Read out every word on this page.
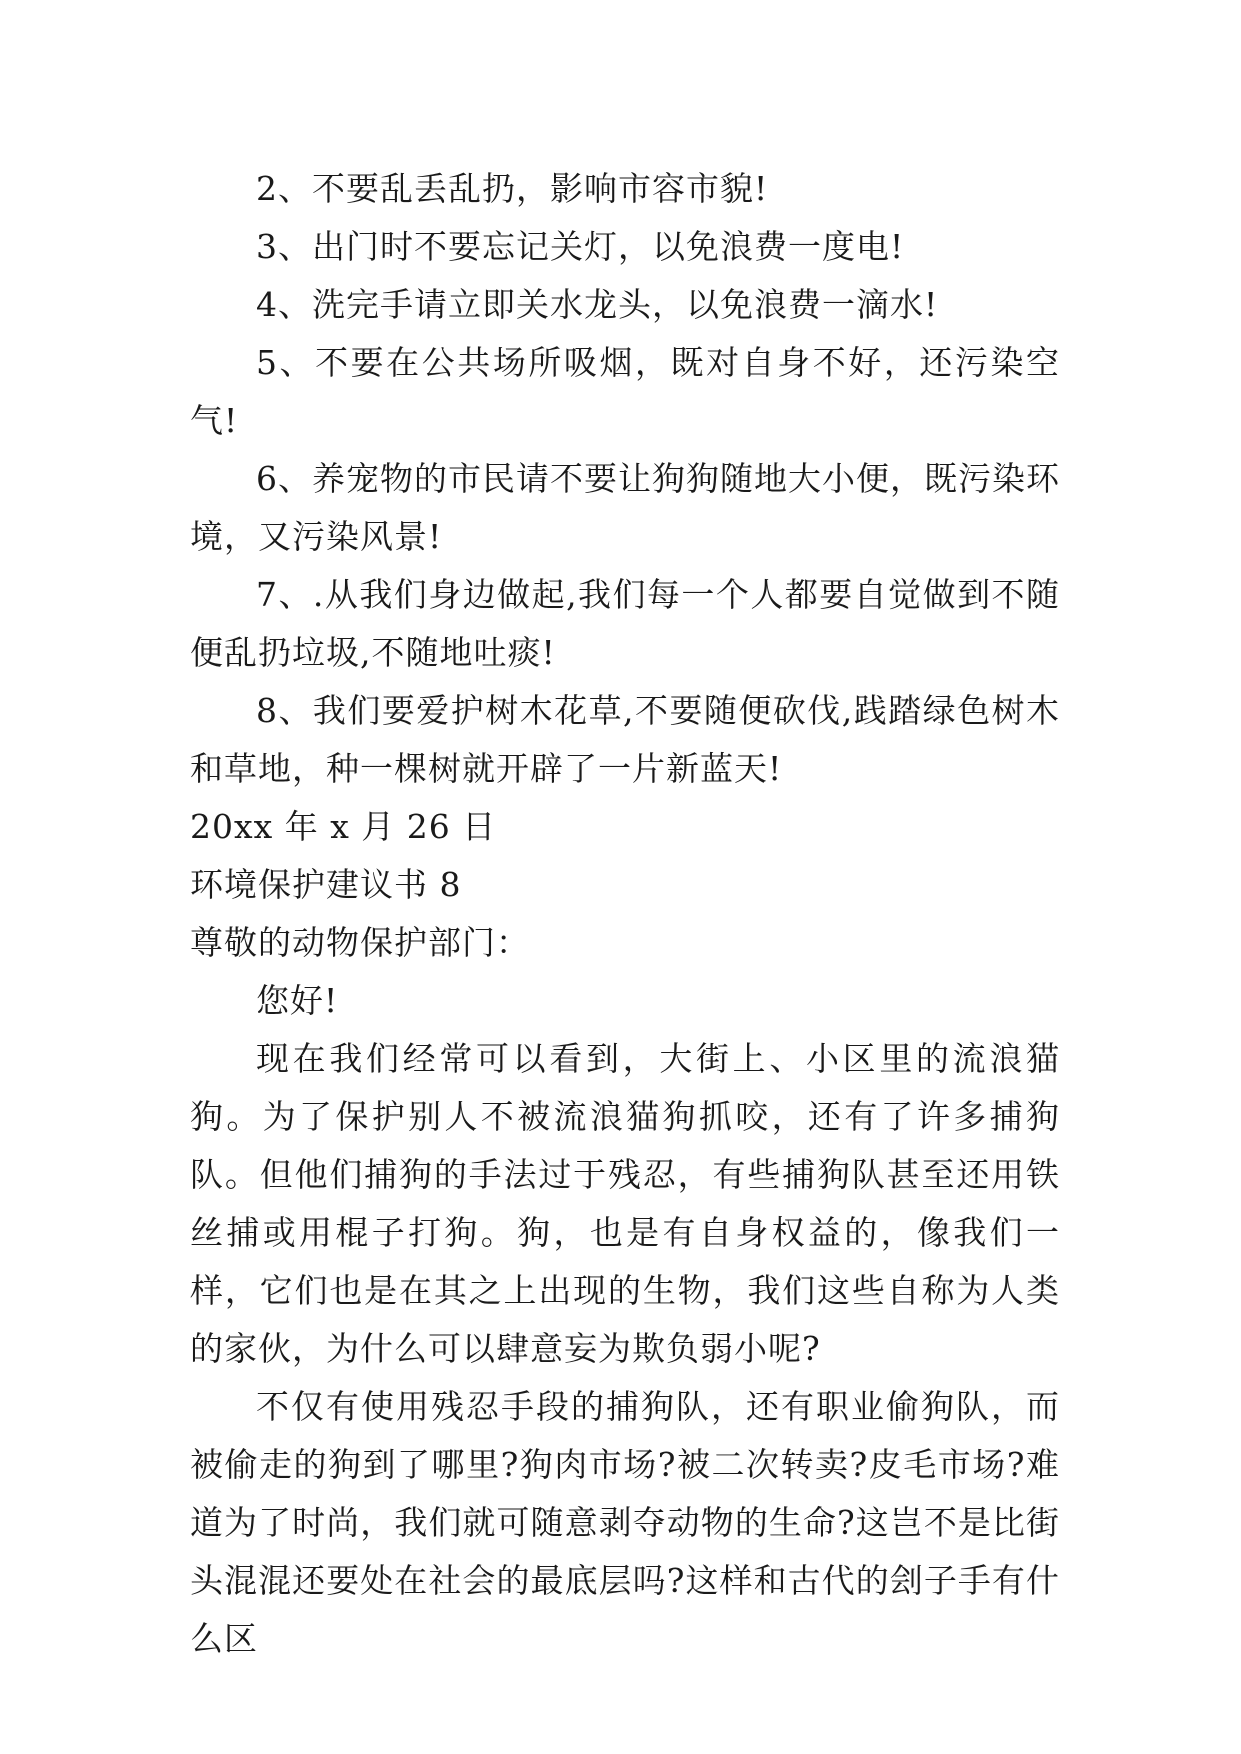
2、不要乱丢乱扔，影响市容市貌!

3、出门时不要忘记关灯，以免浪费一度电!

4、洗完手请立即关水龙头，以免浪费一滴水!

5、不要在公共场所吸烟，既对自身不好，还污染空气!

6、养宠物的市民请不要让狗狗随地大小便，既污染环境，又污染风景!

7、.从我们身边做起,我们每一个人都要自觉做到不随便乱扔垃圾,不随地吐痰!

8、我们要爱护树木花草,不要随便砍伐,践踏绿色树木和草地，种一棵树就开辟了一片新蓝天!

20xx 年 x 月 26 日

环境保护建议书 8

尊敬的动物保护部门：

您好!

现在我们经常可以看到，大街上、小区里的流浪猫狗。为了保护别人不被流浪猫狗抓咬，还有了许多捕狗队。但他们捕狗的手法过于残忍，有些捕狗队甚至还用铁丝捕或用棍子打狗。狗，也是有自身权益的，像我们一样，它们也是在其之上出现的生物，我们这些自称为人类的家伙，为什么可以肆意妄为欺负弱小呢?

不仅有使用残忍手段的捕狗队，还有职业偷狗队，而被偷走的狗到了哪里?狗肉市场?被二次转卖?皮毛市场?难道为了时尚，我们就可随意剥夺动物的生命?这岂不是比街头混混还要处在社会的最底层吗?这样和古代的刽子手有什么区
